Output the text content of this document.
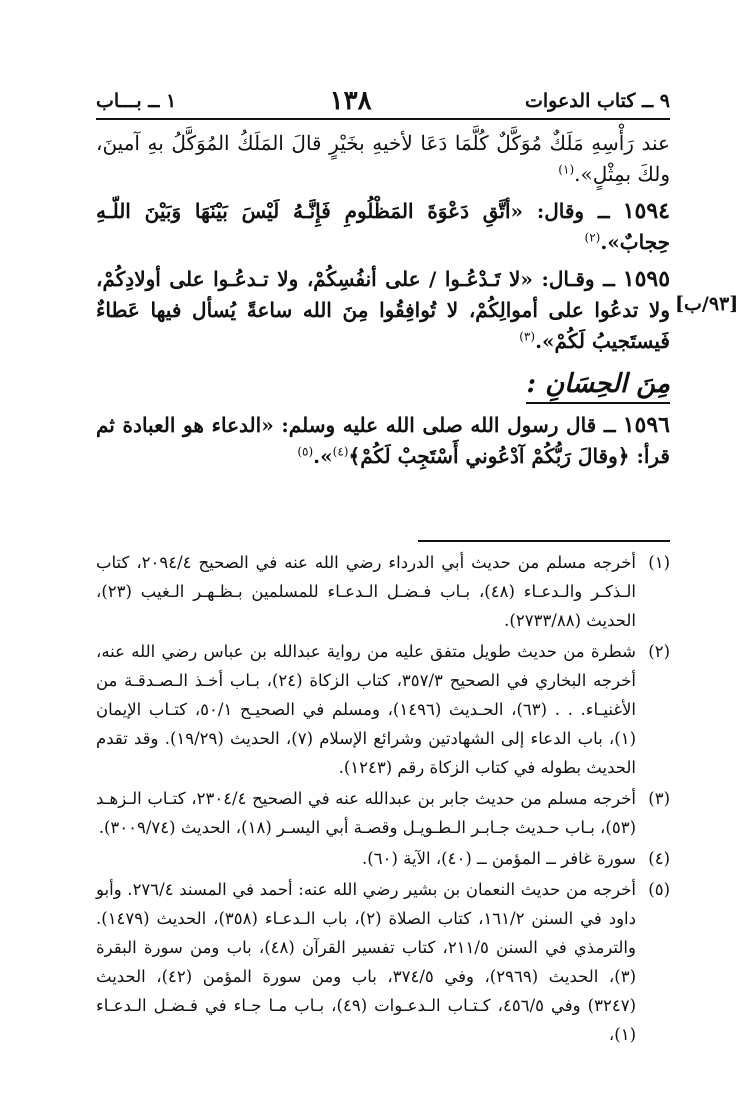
٩ ــ كتاب الدعوات
١٣٨
١ ــ بـــاب
[٩٣/ب]

عند رَأْسِهِ مَلَكٌ مُوَكَّلٌ كُلَّمَا دَعَا لأخيهِ بخَيْرٍ قالَ المَلَكُ المُوَكَّلُ بهِ آمينَ، ولكَ بمِثْلٍ».$^{(١)}$

١٥٩٤ ــ وقال: «أتَّقِ دَعْوَةَ المَظْلُومِ فَإِنَّـهُ لَيْسَ بَيْنَهَا وَبَيْنَ اللّـهِ حِجابٌ».$^{(٢)}$

١٥٩٥ ــ وقـال: «لا تَـدْعُـوا / على أنفُسِكُمْ، ولا تـدعُـوا على أولادِكُمْ، ولا تدعُوا على أموالِكُمْ، لا تُوافِقُوا مِنَ الله ساعةً يُسأل فيها عَطاءٌ فَيستَجيبُ لَكُمْ».$^{(٣)}$

مِنَ الحِسَانِ :

١٥٩٦ ــ قال رسول الله صلى الله عليه وسلم: «الدعاء هو العبادة ثم قرأ: ﴿وقالَ رَبُّكُمْ آدْعُوني أَسْتَجِبْ لَكُمْ﴾$^{(٤)}$».$^{(٥)}$

(١)
أخرجه مسلم من حديث أبي الدرداء رضي الله عنه في الصحيح ٢٠٩٤/٤، كتاب الـذكـر والـدعـاء (٤٨)، بـاب فـضـل الـدعـاء للمسلمين بـظـهـر الـغيب (٢٣)، الحديث (٢٧٣٣/٨٨).
(٢)
شطرة من حديث طويل متفق عليه من رواية عبدالله بن عباس رضي الله عنه، أخرجه البخاري في الصحيح ٣٥٧/٣، كتاب الزكاة (٢٤)، بـاب أخـذ الـصـدقـة من الأغنيـاء. . . (٦٣)، الحـديث (١٤٩٦)، ومسلم في الصحيـح ٥٠/١، كتـاب الإيمان (١)، باب الدعاء إلى الشهادتين وشرائع الإسلام (٧)، الحديث (١٩/٢٩). وقد تقدم الحديث بطوله في كتاب الزكاة رقم (١٢٤٣).
(٣)
أخرجه مسلم من حديث جابر بن عبدالله عنه في الصحيح ٢٣٠٤/٤، كتـاب الـزهـد (٥٣)، بـاب حـديث جـابـر الـطـويـل وقصـة أبي اليسـر (١٨)، الحديث (٣٠٠٩/٧٤).
(٤)
سورة غافر ــ المؤمن ــ (٤٠)، الآية (٦٠).
(٥)
أخرجه من حديث النعمان بن بشير رضي الله عنه: أحمد في المسند ٢٧٦/٤. وأبو داود في السنن ١٦١/٢، كتاب الصلاة (٢)، باب الـدعـاء (٣٥٨)، الحديث (١٤٧٩). والترمذي في السنن ٢١١/٥، كتاب تفسير القرآن (٤٨)، باب ومن سورة البقرة (٣)، الحديث (٢٩٦٩)، وفي ٣٧٤/٥، باب ومن سورة المؤمن (٤٢)، الحديث (٣٢٤٧) وفي ٤٥٦/٥، كـتـاب الـدعـوات (٤٩)، بـاب مـا جـاء في فـضـل الـدعـاء (١)،
